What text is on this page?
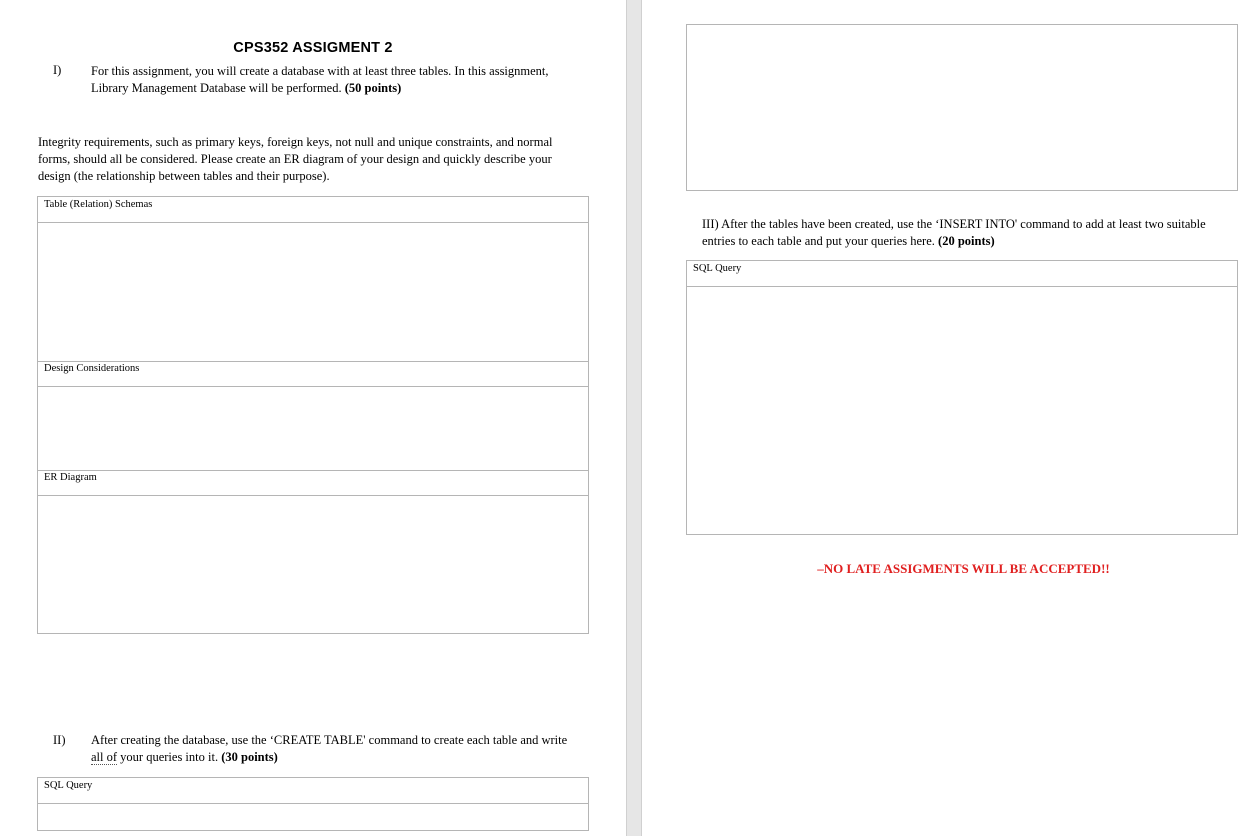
CPS352 ASSIGMENT 2
I) For this assignment, you will create a database with at least three tables. In this assignment,
Library Management Database will be performed. (50 points)
Integrity requirements, such as primary keys, foreign keys, not null and unique constraints, and normal
forms, should all be considered. Please create an ER diagram of your design and quickly describe your
design (the relationship between tables and their purpose).
Table (Relation) Schemas
Design Considerations
ER Diagram
II) After creating the database, use the ‘CREATE TABLE' command to create each table and write
all of your queries into it. (30 points)
SQL Query
III) After the tables have been created, use the ‘INSERT INTO' command to add at least two suitable
entries to each table and put your queries here. (20 points)
SQL Query
–NO LATE ASSIGMENTS WILL BE ACCEPTED!!
